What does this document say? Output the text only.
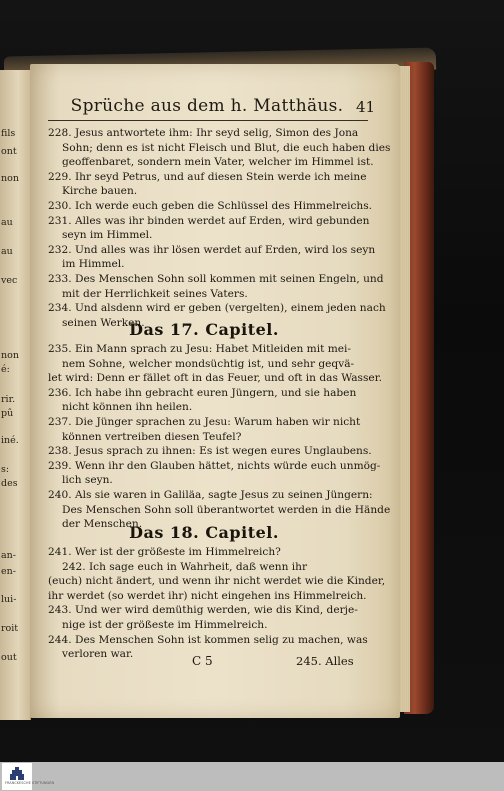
fils
ont
non
au
au
vec
non
é:
rir.
pû
iné.
s:
des
an-
en-
lui-
roit
out
Sprüche aus dem h. Matthäus. 41
228. Jesus antwortete ihm: Ihr seyd selig, Simon des Jona
Sohn; denn es ist nicht Fleisch und Blut, die euch haben dies
geoffenbaret, sondern mein Vater, welcher im Himmel ist.
229. Ihr seyd Petrus, und auf diesen Stein werde ich meine
Kirche bauen.
230. Ich werde euch geben die Schlüssel des Himmelreichs.
231. Alles was ihr binden werdet auf Erden, wird gebunden
seyn im Himmel.
232. Und alles was ihr lösen werdet auf Erden, wird los seyn
im Himmel.
233. Des Menschen Sohn soll kommen mit seinen Engeln, und
mit der Herrlichkeit seines Vaters.
234. Und alsdenn wird er geben (vergelten), einem jeden nach
seinen Werken.
Das 17. Capitel.
235. Ein Mann sprach zu Jesu: Habet Mitleiden mit mei-
nem Sohne, welcher mondsüchtig ist, und sehr geqvä-
let wird: Denn er fället oft in das Feuer, und oft in das Wasser.
236. Ich habe ihn gebracht euren Jüngern, und sie haben
nicht können ihn heilen.
237. Die Jünger sprachen zu Jesu: Warum haben wir nicht
können vertreiben diesen Teufel?
238. Jesus sprach zu ihnen: Es ist wegen eures Unglaubens.
239. Wenn ihr den Glauben hättet, nichts würde euch unmög-
lich seyn.
240. Als sie waren in Galiläa, sagte Jesus zu seinen Jüngern:
Des Menschen Sohn soll überantwortet werden in die Hände
der Menschen.
Das 18. Capitel.
241. Wer ist der größeste im Himmelreich?
242. Ich sage euch in Wahrheit, daß wenn ihr
(euch) nicht ändert, und wenn ihr nicht werdet wie die Kinder,
ihr werdet (so werdet ihr) nicht eingehen ins Himmelreich.
243. Und wer wird demüthig werden, wie dis Kind, derje-
nige ist der größeste im Himmelreich.
244. Des Menschen Sohn ist kommen selig zu machen, was
verloren war.	C 5	245. Alles
FRANCKESCHE STIFTUNGEN
